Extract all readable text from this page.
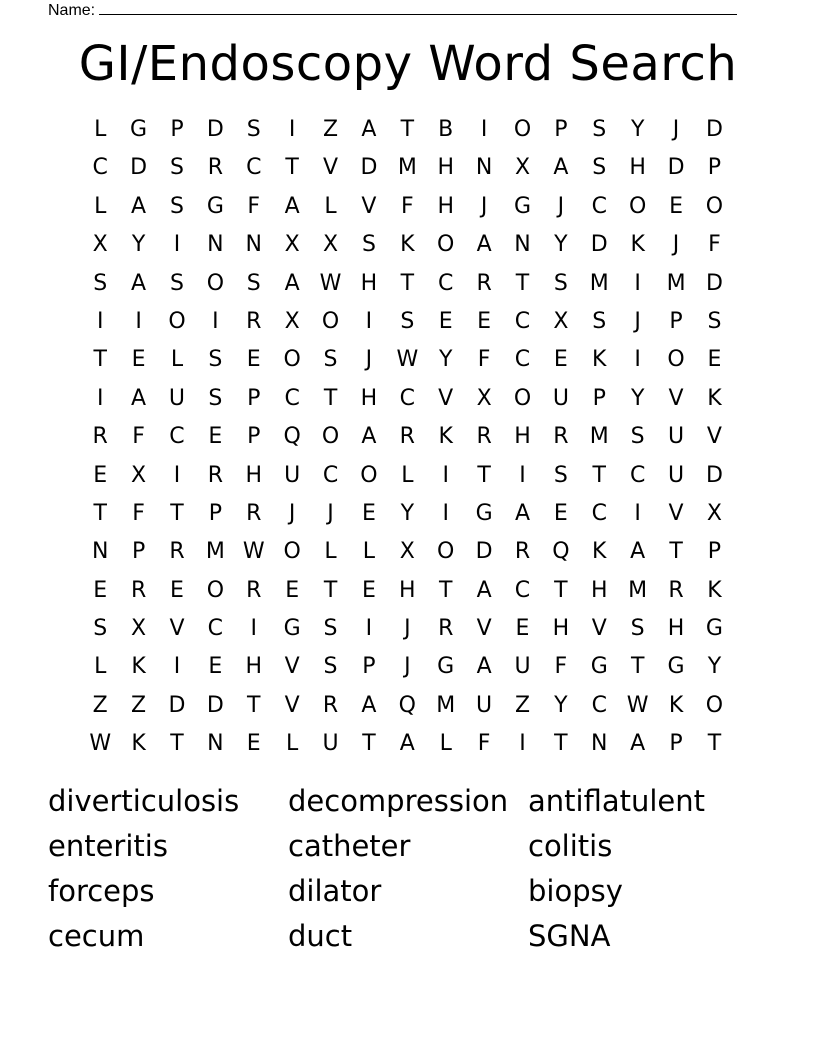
Name:
GI/Endoscopy Word Search
L	G	P	D	S	I	Z	A	T	B	I	O	P	S	Y	J	D
C	D	S	R	C	T	V	D M H N	X	A	S	H D	P
L	A	S	G	F	A	L	V	F	H	J	G	J	C	O	E	O
X	Y	I	N N	X	X	S	K	O	A	N	Y	D	K	J	F
S	A	S	O	S	A W H	T	C	R	T	S M	I	M D
I	I	O	I	R	X	O	I	S	E	E	C	X	S	J	P	S
T	E	L	S	E	O	S	J	W Y	F	C	E	K	I	O	E
I	A	U	S	P	C	T	H	C	V	X	O U	P	Y	V	K
R	F	C	E	P	Q O	A	R	K	R	H	R M S	U	V
E	X	I	R	H	U	C	O	L	I	T	I	S	T	C	U D
T	F	T	P	R	J	J	E	Y	I	G	A	E	C	I	V	X
N	P	R M W O	L	L	X	O D	R	Q	K	A	T	P
E	R	E	O	R	E	T	E	H	T	A	C	T	H M R	K
S	X	V	C	I	G	S	I	J	R	V	E	H	V	S	H G
L	K	I	E	H	V	S	P	J	G	A	U	F	G	T	G	Y
Z	Z	D D	T	V	R	A	Q M U	Z	Y	C W K	O
W K	T	N	E	L	U	T	A	L	F	I	T	N	A	P	T
diverticulosis	decompression antiflatulent
enteritis	catheter	colitis
forceps	dilator	biopsy
cecum	duct	SGNA
